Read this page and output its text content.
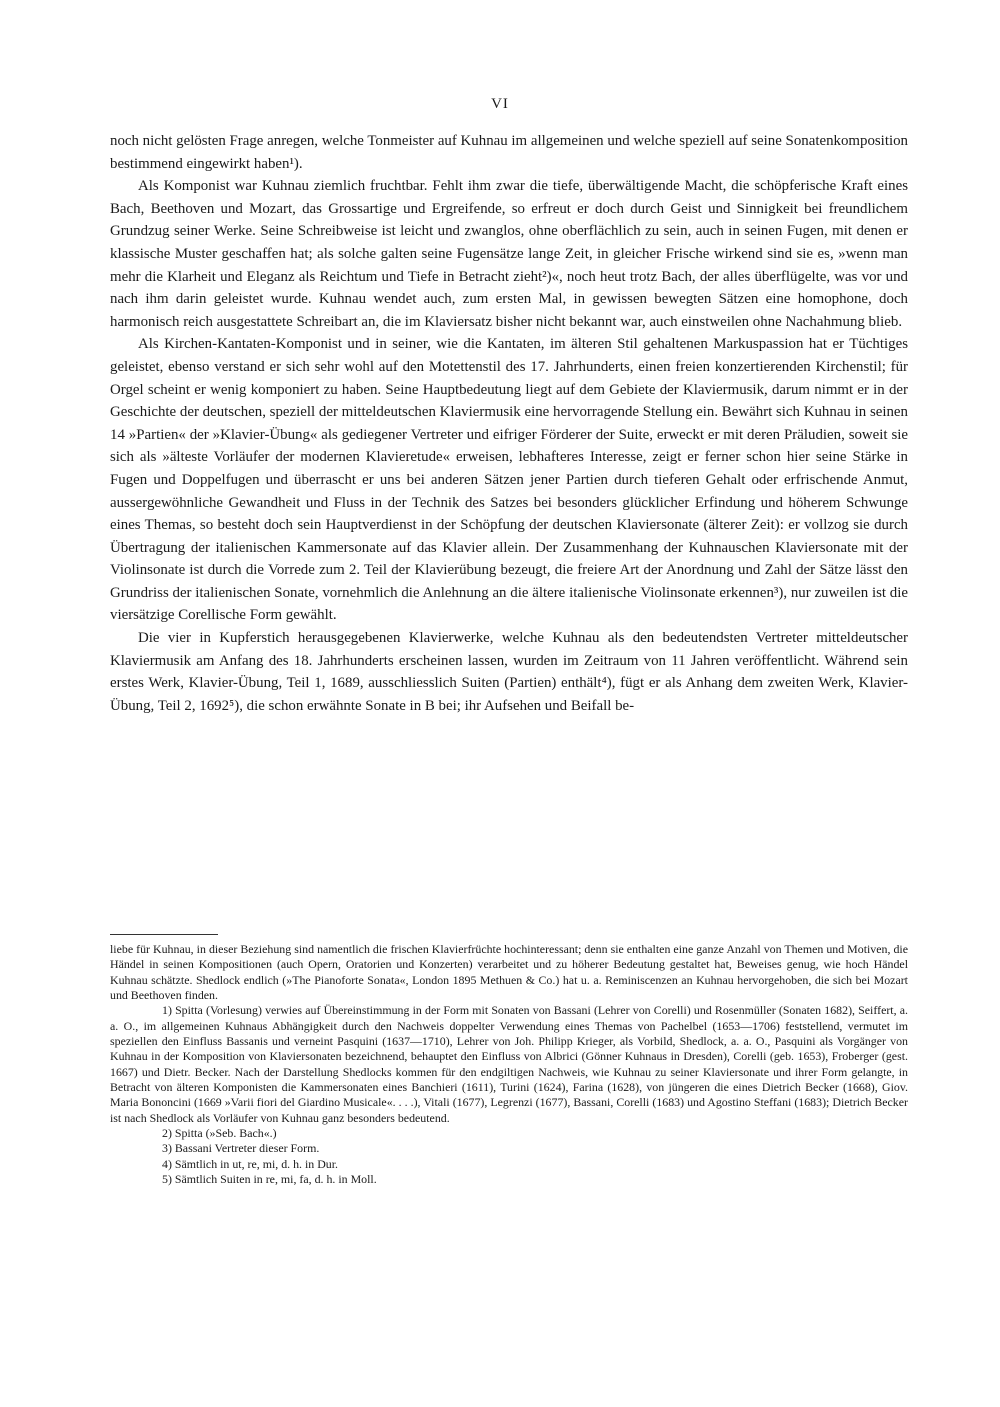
VI

noch nicht gelösten Frage anregen, welche Tonmeister auf Kuhnau im allgemeinen und welche speziell auf seine Sonatenkomposition bestimmend eingewirkt haben¹).

Als Komponist war Kuhnau ziemlich fruchtbar. Fehlt ihm zwar die tiefe, überwältigende Macht, die schöpferische Kraft eines Bach, Beethoven und Mozart, das Grossartige und Ergreifende, so erfreut er doch durch Geist und Sinnigkeit bei freundlichem Grundzug seiner Werke. Seine Schreibweise ist leicht und zwanglos, ohne oberflächlich zu sein, auch in seinen Fugen, mit denen er klassische Muster geschaffen hat; als solche galten seine Fugensätze lange Zeit, in gleicher Frische wirkend sind sie es, »wenn man mehr die Klarheit und Eleganz als Reichtum und Tiefe in Betracht zieht²)«, noch heut trotz Bach, der alles überflügelte, was vor und nach ihm darin geleistet wurde. Kuhnau wendet auch, zum ersten Mal, in gewissen bewegten Sätzen eine homophone, doch harmonisch reich ausgestattete Schreibart an, die im Klaviersatz bisher nicht bekannt war, auch einstweilen ohne Nachahmung blieb.

Als Kirchen-Kantaten-Komponist und in seiner, wie die Kantaten, im älteren Stil gehaltenen Markuspassion hat er Tüchtiges geleistet, ebenso verstand er sich sehr wohl auf den Motettenstil des 17. Jahrhunderts, einen freien konzertierenden Kirchenstil; für Orgel scheint er wenig komponiert zu haben. Seine Hauptbedeutung liegt auf dem Gebiete der Klaviermusik, darum nimmt er in der Geschichte der deutschen, speziell der mitteldeutschen Klaviermusik eine hervorragende Stellung ein. Bewährt sich Kuhnau in seinen 14 »Partien« der »Klavier-Übung« als gediegener Vertreter und eifriger Förderer der Suite, erweckt er mit deren Präludien, soweit sie sich als »älteste Vorläufer der modernen Klavieretude« erweisen, lebhafteres Interesse, zeigt er ferner schon hier seine Stärke in Fugen und Doppelfugen und überrascht er uns bei anderen Sätzen jener Partien durch tieferen Gehalt oder erfrischende Anmut, aussergewöhnliche Gewandheit und Fluss in der Technik des Satzes bei besonders glücklicher Erfindung und höherem Schwunge eines Themas, so besteht doch sein Hauptverdienst in der Schöpfung der deutschen Klaviersonate (älterer Zeit): er vollzog sie durch Übertragung der italienischen Kammersonate auf das Klavier allein. Der Zusammenhang der Kuhnauschen Klaviersonate mit der Violinsonate ist durch die Vorrede zum 2. Teil der Klavierübung bezeugt, die freiere Art der Anordnung und Zahl der Sätze lässt den Grundriss der italienischen Sonate, vornehmlich die Anlehnung an die ältere italienische Violinsonate erkennen³), nur zuweilen ist die viersätzige Corellische Form gewählt.

Die vier in Kupferstich herausgegebenen Klavierwerke, welche Kuhnau als den bedeutendsten Vertreter mitteldeutscher Klaviermusik am Anfang des 18. Jahrhunderts erscheinen lassen, wurden im Zeitraum von 11 Jahren veröffentlicht. Während sein erstes Werk, Klavier-Übung, Teil 1, 1689, ausschliesslich Suiten (Partien) enthält⁴), fügt er als Anhang dem zweiten Werk, Klavier-Übung, Teil 2, 1692⁵), die schon erwähnte Sonate in B bei; ihr Aufsehen und Beifall be-

liebe für Kuhnau, in dieser Beziehung sind namentlich die frischen Klavierfrüchte hochinteressant; denn sie enthalten eine ganze Anzahl von Themen und Motiven, die Händel in seinen Kompositionen (auch Opern, Oratorien und Konzerten) verarbeitet und zu höherer Bedeutung gestaltet hat, Beweises genug, wie hoch Händel Kuhnau schätzte. Shedlock endlich (»The Pianoforte Sonata«, London 1895 Methuen & Co.) hat u. a. Reminiscenzen an Kuhnau hervorgehoben, die sich bei Mozart und Beethoven finden.

1) Spitta (Vorlesung) verwies auf Übereinstimmung in der Form mit Sonaten von Bassani (Lehrer von Corelli) und Rosenmüller (Sonaten 1682), Seiffert, a. a. O., im allgemeinen Kuhnaus Abhängigkeit durch den Nachweis doppelter Verwendung eines Themas von Pachelbel (1653—1706) feststellend, vermutet im speziellen den Einfluss Bassanis und verneint Pasquini (1637—1710), Lehrer von Joh. Philipp Krieger, als Vorbild, Shedlock, a. a. O., Pasquini als Vorgänger von Kuhnau in der Komposition von Klaviersonaten bezeichnend, behauptet den Einfluss von Albrici (Gönner Kuhnaus in Dresden), Corelli (geb. 1653), Froberger (gest. 1667) und Dietr. Becker. Nach der Darstellung Shedlocks kommen für den endgiltigen Nachweis, wie Kuhnau zu seiner Klaviersonate und ihrer Form gelangte, in Betracht von älteren Komponisten die Kammersonaten eines Banchieri (1611), Turini (1624), Farina (1628), von jüngeren die eines Dietrich Becker (1668), Giov. Maria Bononcini (1669 »Varii fiori del Giardino Musicale«. . . .), Vitali (1677), Legrenzi (1677), Bassani, Corelli (1683) und Agostino Steffani (1683); Dietrich Becker ist nach Shedlock als Vorläufer von Kuhnau ganz besonders bedeutend.

2) Spitta (»Seb. Bach«.)

3) Bassani Vertreter dieser Form.

4) Sämtlich in ut, re, mi, d. h. in Dur.

5) Sämtlich Suiten in re, mi, fa, d. h. in Moll.
